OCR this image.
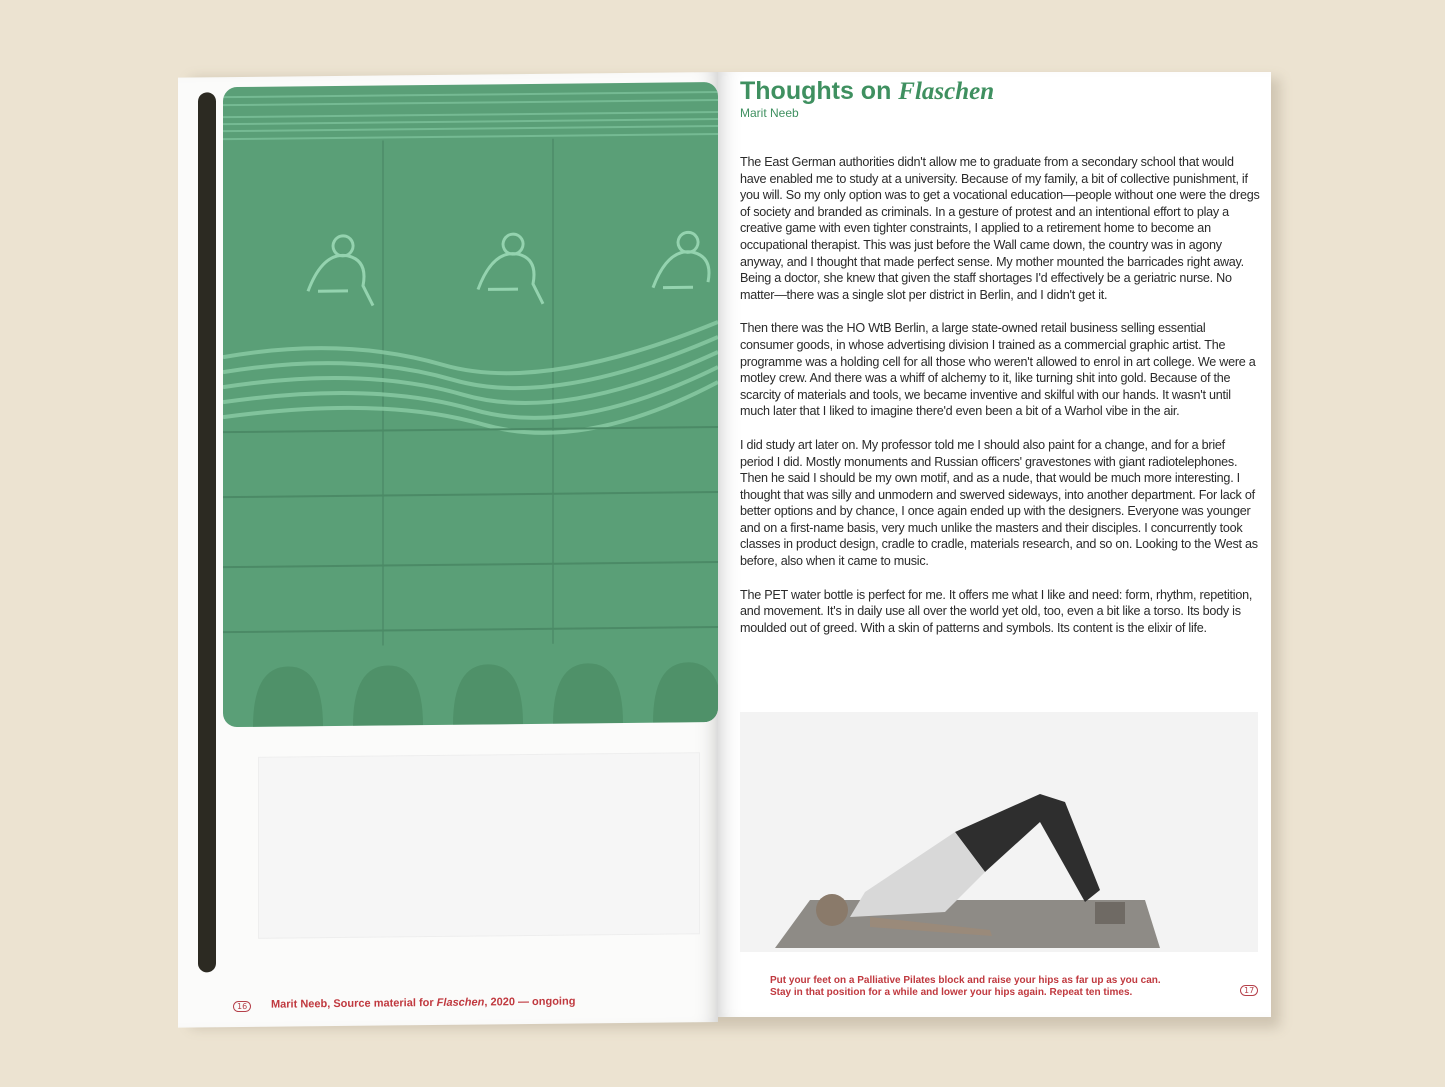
16	Marit Neeb, Source material for Flaschen, 2020 — ongoing
Thoughts on Flaschen
Marit Neeb

The East German authorities didn't allow me to graduate from a secondary school that would have enabled me to study at a university. Because of my family, a bit of collective punishment, if you will. So my only option was to get a vocational education—people without one were the dregs of society and branded as criminals. In a gesture of protest and an intentional effort to play a creative game with even tighter constraints, I applied to a retirement home to become an occupational therapist. This was just before the Wall came down, the country was in agony anyway, and I thought that made perfect sense. My mother mounted the barricades right away. Being a doctor, she knew that given the staff shortages I'd effectively be a geriatric nurse. No matter—there was a single slot per district in Berlin, and I didn't get it.

Then there was the HO WtB Berlin, a large state-owned retail business selling essential consumer goods, in whose advertising division I trained as a commercial graphic artist. The programme was a holding cell for all those who weren't allowed to enrol in art college. We were a motley crew. And there was a whiff of alchemy to it, like turning shit into gold. Because of the scarcity of materials and tools, we became inventive and skilful with our hands. It wasn't until much later that I liked to imagine there'd even been a bit of a Warhol vibe in the air.

I did study art later on. My professor told me I should also paint for a change, and for a brief period I did. Mostly monuments and Russian officers' gravestones with giant radiotelephones. Then he said I should be my own motif, and as a nude, that would be much more interesting. I thought that was silly and unmodern and swerved sideways, into another department. For lack of better options and by chance, I once again ended up with the designers. Everyone was younger and on a first-name basis, very much unlike the masters and their disciples. I concurrently took classes in product design, cradle to cradle, materials research, and so on. Looking to the West as before, also when it came to music.

The PET water bottle is perfect for me. It offers me what I like and need: form, rhythm, repetition, and movement. It's in daily use all over the world yet old, too, even a bit like a torso. Its body is moulded out of greed. With a skin of patterns and symbols. Its content is the elixir of life.

Put your feet on a Palliative Pilates block and raise your hips as far up as you can.
Stay in that position for a while and lower your hips again. Repeat ten times.	17
